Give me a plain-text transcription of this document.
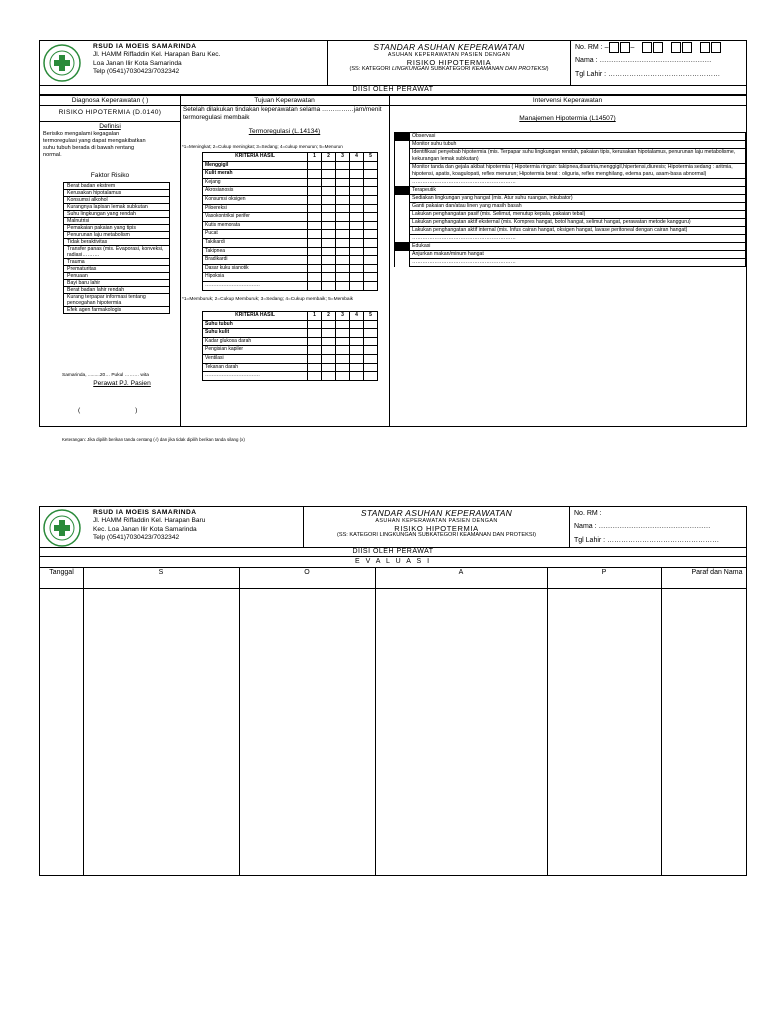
RSUD IA MOEIS SAMARINDA
Jl. HAMM Riffaddin Kel. Harapan Baru Kec.
Loa Janan Ilir Kota Samarinda
Telp (0541)7030423/7032342

STANDAR ASUHAN KEPERAWATAN
ASUHAN KEPERAWATAN PASIEN DENGAN
RISIKO HIPOTERMIA
(SS: KATEGORI LINGKUNGAN SUBKATEGORI KEAMANAN DAN PROTEKSI)

No. RM : –	–
Nama : …………………………………………
Tgl Lahir : …………………………………………
DIISI OLEH PERAWAT
Diagnosa Keperawatan ( )	Tujuan Keperawatan	Intervensi Keperawatan
RISIKO HIPOTERMIA (D.0140)
Definisi
Berisiko mengalami kegagalan termoregulasi yang dapat mengakibatkan suhu tubuh berada di bawah rentang normal.
Faktor Risiko
Berat badan ekstrem
Kerusakan hipotalamus
Konsumsi alkohol
Kurangnya lapisan lemak subkutan
Suhu lingkungan yang rendah
Malnutrisi
Pemakaian pakaian yang tipis
Penurunan laju metabolism
Tidak beraktivitas
Transfer panas (mis. Evaporasi, konveksi, radiasi……….
Trauma
Prematuritas
Penuaan
Bayi baru lahir
Berat badan lahir rendah
Kurang terpapar informasi tentang pencegahan hipotermia
Efek agen farmakologis
Samarinda, .........20… Pukul ……… wita
Perawat PJ. Pasien
(                              )
Setelah dilakukan tindakan keperawatan selama ……………jam/menit termoregulasi membaik
Termoregulasi (L.14134)
*1=Meningkat; 2=Cukup meningkat; 3=Sedang; 4=cukup menurun; 5=Menurun
KRITERIA HASIL	1	2	3	4	5
Menggigil					
Kulit merah					
Kejang					
Akrosianosis					
Konsumsi oksigen					
Piloereksi					
Vasokontriksi perifer					
Kutis memorata					
Pucat					
Takikardi					
Takipnea					
Bradikardi					
Dasar kuku sianotik					
Hipoksia					
……………………………					
*1=Memburuk; 2=Cukup Memburuk; 3=Sedang; 4=Cukup membaik; 5=Membaik
KRITERIA HASIL	1	2	3	4	5
Suhu tubuh					
Suhu kulit					
Kadar glukosa darah					
Pengisian kapiler					
Ventilasi					
Tekanan darah					
……………………………					
Manajemen Hipotermia (L14507)
	Observasi
	Monitor suhu tubuh
	Identifikasi penyebab hipotermia (mis. Terpapar suhu lingkungan rendah, pakaian tipis, kerusakan hipotalamus, penurunan laju metabolisme, kekurangan lemak subkutan)
	Monitor tanda dan gejala akibat hipotermia ( Hipotermia ringan: takipnea,disartria,menggigil,hipertensi,diuresis; Hipotermia sedang : aritmia, hipotensi, apatis, koagulopati, reflex menurun; Hipotermia berat : oliguria, reflex menghilang, edema paru, asam-basa abnormal)
	……………………………………………………
	Terapeutik
	Sediakan lingkungan yang hangat (mis. Atur suhu ruangan, inkubator)
	Ganti pakaian dan/atau linen yang masih basah
	Lakukan penghangatan pasif (mis. Selimut, menutup kepala, pakaian tebal)
	Lakukan penghangatan aktif eksternal (mis. Kompres hangat, botol hangat, selimut hangat, perawatan metode kangguru)
	Lakukan penghangatan aktif internal (mis. Infus cairan hangat, oksigen hangat, lavase peritoneal dengan cairan hangat)
	……………………………………………………
	Edukasi
	Anjurkan makan/minum hangat
	……………………………………………………
Keterangan: Jika dipilih berikan tanda centang (√) dan jika tidak dipilih berikan tanda silang (x)
RSUD IA MOEIS SAMARINDA
Jl. HAMM Riffaddin Kel. Harapan Baru
Kec. Loa Janan Ilir Kota Samarinda
Telp (0541)7030423/7032342

STANDAR ASUHAN KEPERAWATAN
ASUHAN KEPERAWATAN PASIEN DENGAN
RISIKO HIPOTERMIA
(SS: KATEGORI LINGKUNGAN SUBKATEGORI KEAMANAN DAN PROTEKSI)

No. RM :
Nama : …………………………………………
Tgl Lahir : …………………………………………
DIISI OLEH PERAWAT
E V A L U A S I
Tanggal	S	O	A	P	Paraf dan Nama
